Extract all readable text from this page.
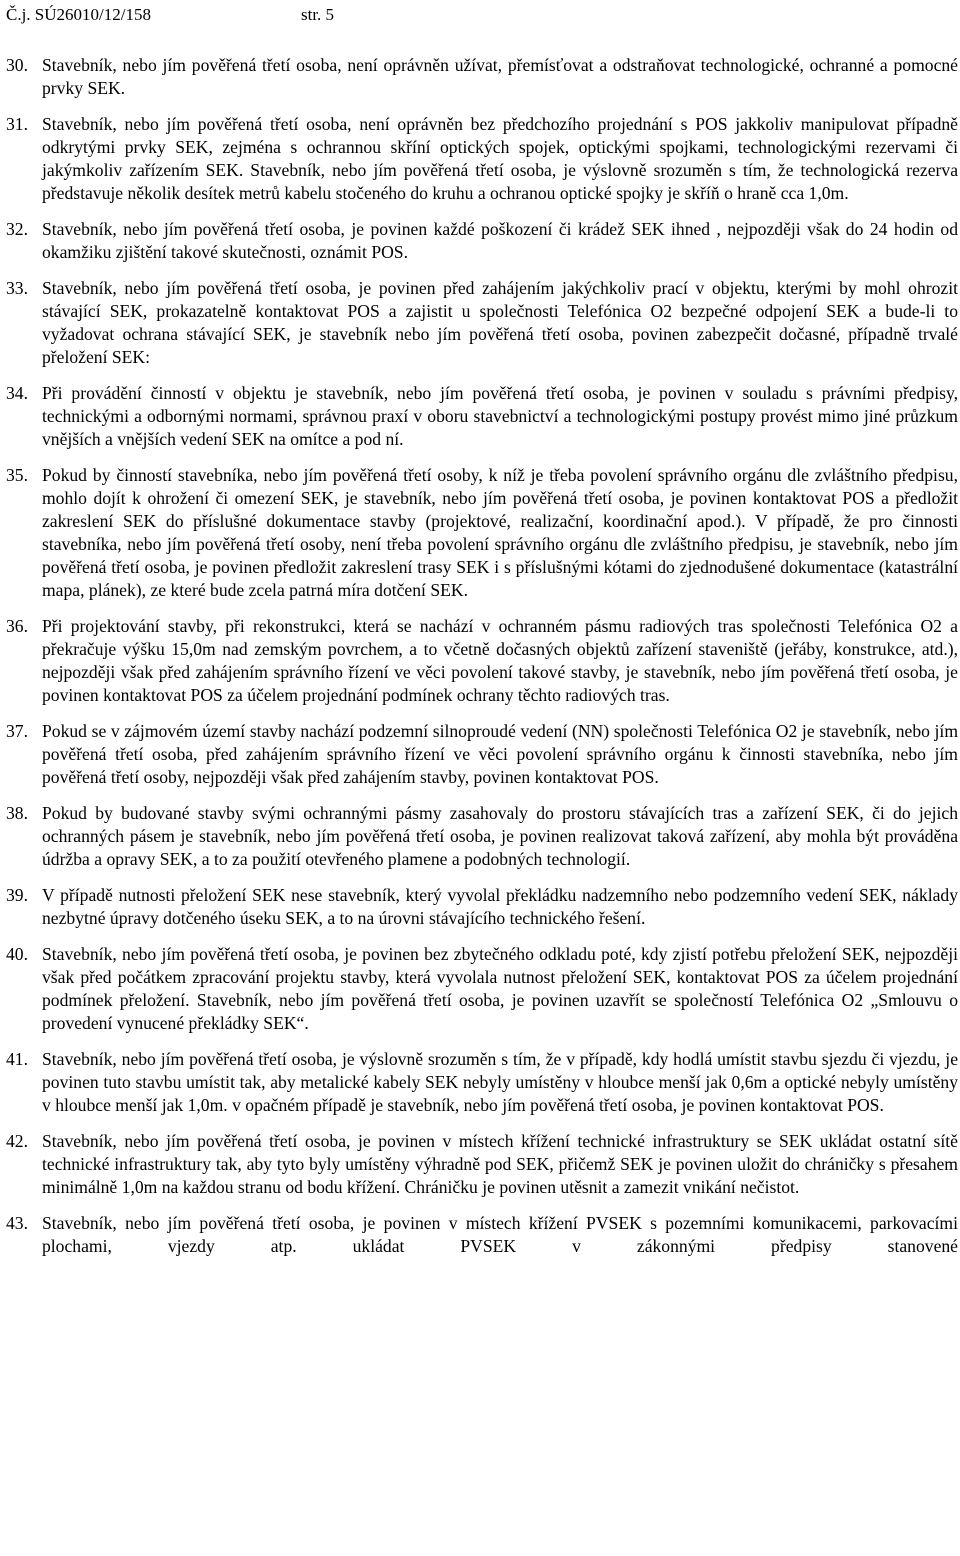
Č.j. SÚ26010/12/158	str. 5
30. Stavebník, nebo jím pověřená třetí osoba, není oprávněn užívat, přemísťovat a odstraňovat technologické, ochranné a pomocné prvky SEK.
31. Stavebník, nebo jím pověřená třetí osoba, není oprávněn bez předchozího projednání s POS jakkoliv manipulovat případně odkrytými prvky SEK, zejména s ochrannou skříní optických spojek, optickými spojkami, technologickými rezervami či jakýmkoliv zařízením SEK. Stavebník, nebo jím pověřená třetí osoba, je výslovně srozuměn s tím, že technologická rezerva představuje několik desítek metrů kabelu stočeného do kruhu a ochranou optické spojky je skříň o hraně cca 1,0m.
32. Stavebník, nebo jím pověřená třetí osoba, je povinen každé poškození či krádež SEK ihned , nejpozději však do 24 hodin od okamžiku zjištění takové skutečnosti, oznámit POS.
33. Stavebník, nebo jím pověřená třetí osoba, je povinen před zahájením jakýchkoliv prací v objektu, kterými by mohl ohrozit stávající SEK, prokazatelně kontaktovat POS a zajistit u společnosti Telefónica O2 bezpečné odpojení SEK a bude-li to vyžadovat ochrana stávající SEK, je stavebník nebo jím pověřená třetí osoba, povinen zabezpečit dočasné, případně trvalé přeložení SEK:
34. Při provádění činností v objektu je stavebník, nebo jím pověřená třetí osoba, je povinen v souladu s právními předpisy, technickými a odbornými normami, správnou praxí v oboru stavebnictví a technologickými postupy provést mimo jiné průzkum vnějších a vnějších vedení SEK na omítce a pod ní.
35. Pokud by činností stavebníka, nebo jím pověřená třetí osoby, k níž je třeba povolení správního orgánu dle zvláštního předpisu, mohlo dojít k ohrožení či omezení SEK, je stavebník, nebo jím pověřená třetí osoba, je povinen kontaktovat POS a předložit zakreslení SEK do příslušné dokumentace stavby (projektové, realizační, koordinační apod.). V případě, že pro činnosti stavebníka, nebo jím pověřená třetí osoby, není třeba povolení správního orgánu dle zvláštního předpisu, je stavebník, nebo jím pověřená třetí osoba, je povinen předložit zakreslení trasy SEK i s příslušnými kótami do zjednodušené dokumentace (katastrální mapa, plánek), ze které bude zcela patrná míra dotčení SEK.
36. Při projektování stavby, při rekonstrukci, která se nachází v ochranném pásmu radiových tras společnosti Telefónica O2 a překračuje výšku 15,0m nad zemským povrchem, a to včetně dočasných objektů zařízení staveniště (jeřáby, konstrukce, atd.), nejpozději však před zahájením správního řízení ve věci povolení takové stavby, je stavebník, nebo jím pověřená třetí osoba, je povinen kontaktovat POS za účelem projednání podmínek ochrany těchto radiových tras.
37. Pokud se v zájmovém území stavby nachází podzemní silnoproudé vedení (NN) společnosti Telefónica O2 je stavebník, nebo jím pověřená třetí osoba, před zahájením správního řízení ve věci povolení správního orgánu k činnosti stavebníka, nebo jím pověřená třetí osoby, nejpozději však před zahájením stavby, povinen kontaktovat POS.
38. Pokud by budované stavby svými ochrannými pásmy zasahovaly do prostoru stávajících tras a zařízení SEK, či do jejich ochranných pásem je stavebník, nebo jím pověřená třetí osoba, je povinen realizovat taková zařízení, aby mohla být prováděna údržba a opravy SEK, a to za použití otevřeného plamene a podobných technologií.
39. V případě nutnosti přeložení SEK nese stavebník, který vyvolal překládku nadzemního nebo podzemního vedení SEK, náklady nezbytné úpravy dotčeného úseku SEK, a to na úrovni stávajícího technického řešení.
40. Stavebník, nebo jím pověřená třetí osoba, je povinen bez zbytečného odkladu poté, kdy zjistí potřebu přeložení SEK, nejpozději však před počátkem zpracování projektu stavby, která vyvolala nutnost přeložení SEK, kontaktovat POS za účelem projednání podmínek přeložení. Stavebník, nebo jím pověřená třetí osoba, je povinen uzavřít se společností Telefónica O2 „Smlouvu o provedení vynucené překládky SEK“.
41. Stavebník, nebo jím pověřená třetí osoba, je výslovně srozuměn s tím, že v případě, kdy hodlá umístit stavbu sjezdu či vjezdu, je povinen tuto stavbu umístit tak, aby metalické kabely SEK nebyly umístěny v hloubce menší jak 0,6m a optické nebyly umístěny v hloubce menší jak 1,0m. v opačném případě je stavebník, nebo jím pověřená třetí osoba, je povinen kontaktovat POS.
42. Stavebník, nebo jím pověřená třetí osoba, je povinen v místech křížení technické infrastruktury se SEK ukládat ostatní sítě technické infrastruktury tak, aby tyto byly umístěny výhradně pod SEK, přičemž SEK je povinen uložit do chráničky s přesahem minimálně 1,0m na každou stranu od bodu křížení. Chráničku je povinen utěsnit a zamezit vnikání nečistot.
43. Stavebník, nebo jím pověřená třetí osoba, je povinen v místech křížení PVSEK s pozemními komunikacemi, parkovacími plochami, vjezdy atp. ukládat PVSEK v zákonnými předpisy stanovené
